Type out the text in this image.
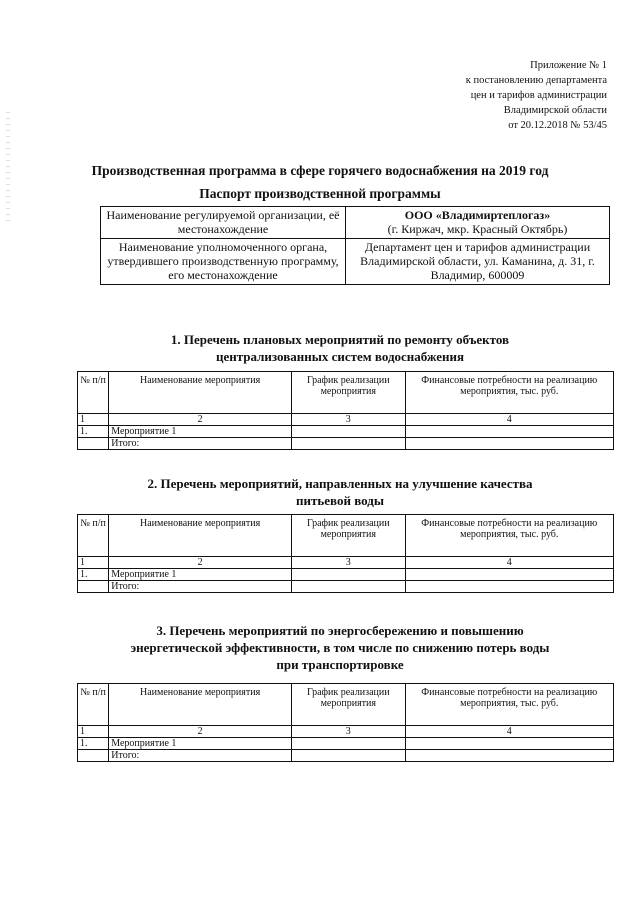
Приложение № 1
к постановлению департамента
цен и тарифов администрации
Владимирской области
от 20.12.2018 № 53/45
Производственная программа в сфере горячего водоснабжения на 2019 год
Паспорт производственной программы
Наименование регулируемой организации, её местонахождение	ООО «Владимиртеплогаз»
(г. Киржач, мкр. Красный Октябрь)

Наименование уполномоченного органа, утвердившего производственную программу, его местонахождение	Департамент цен и тарифов администрации Владимирской области, ул. Каманина, д. 31, г. Владимир, 600009
1. Перечень плановых мероприятий по ремонту объектов
централизованных систем водоснабжения
№ п/п	Наименование мероприятия	График реализации мероприятия	Финансовые потребности на реализацию мероприятия, тыс. руб.
1	2	3	4
1.	Мероприятие 1		
	Итого:		
2. Перечень мероприятий, направленных на улучшение качества
питьевой воды
№ п/п	Наименование мероприятия	График реализации мероприятия	Финансовые потребности на реализацию мероприятия, тыс. руб.
1	2	3	4
1.	Мероприятие 1		
	Итого:		
3. Перечень мероприятий по энергосбережению и повышению
энергетической эффективности, в том числе по снижению потерь воды
при транспортировке
№ п/п	Наименование мероприятия	График реализации мероприятия	Финансовые потребности на реализацию мероприятия, тыс. руб.
1	2	3	4
1.	Мероприятие 1		
	Итого:		
